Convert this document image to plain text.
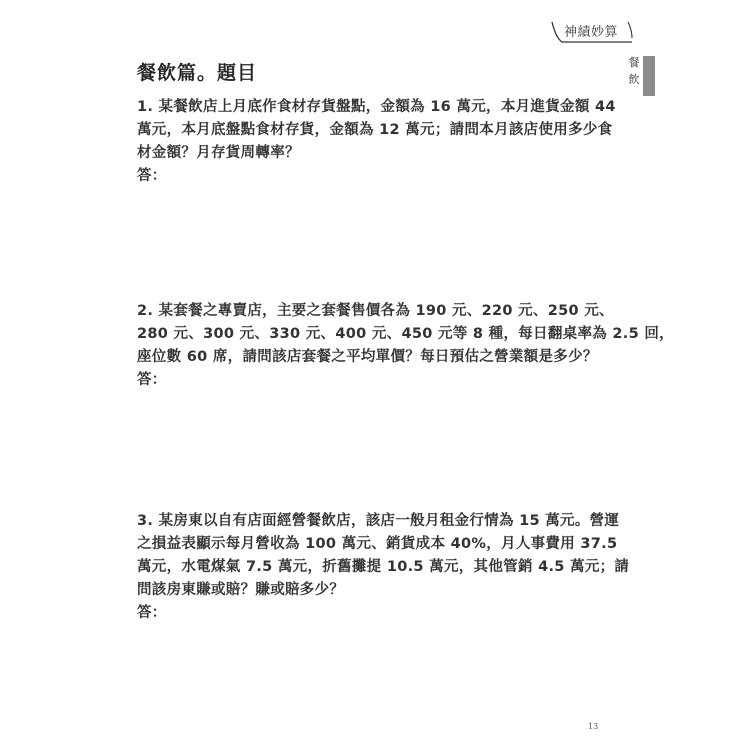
神績妙算
餐
飲
餐飲篇。題目
1. 某餐飲店上月底作食材存貨盤點，金額為 16 萬元，本月進貨金額 44
萬元，本月底盤點食材存貨，金額為 12 萬元；請問本月該店使用多少食
材金額？月存貨周轉率？
答：
2. 某套餐之專賣店，主要之套餐售價各為 190 元、220 元、250 元、
280 元、300 元、330 元、400 元、450 元等 8 種，每日翻桌率為 2.5 回，
座位數 60 席，請問該店套餐之平均單價？每日預估之營業額是多少？
答：
3. 某房東以自有店面經營餐飲店，該店一般月租金行情為 15 萬元。營運
之損益表顯示每月營收為 100 萬元、銷貨成本 40%，月人事費用 37.5
萬元，水電煤氣 7.5 萬元，折舊攤提 10.5 萬元，其他管銷 4.5 萬元；請
問該房東賺或賠？賺或賠多少？
答：
13
